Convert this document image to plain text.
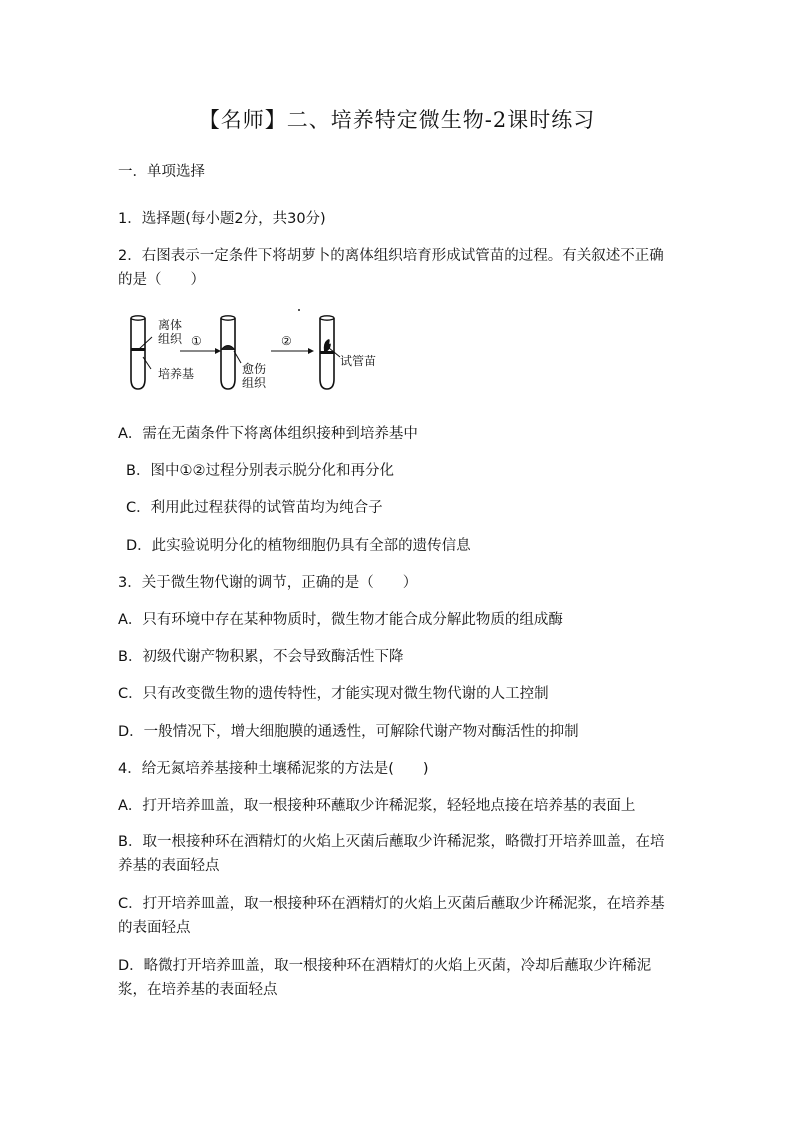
【名师】二、培养特定微生物-2课时练习
一．单项选择
1．选择题(每小题2分，共30分)
2．右图表示一定条件下将胡萝卜的离体组织培育形成试管苗的过程。有关叙述不正确
的是（　　）
离体
组织
培养基
①
愈伤
组织
②
试管苗
A．需在无菌条件下将离体组织接种到培养基中
B．图中①②过程分别表示脱分化和再分化
C．利用此过程获得的试管苗均为纯合子
D．此实验说明分化的植物细胞仍具有全部的遗传信息
3．关于微生物代谢的调节，正确的是（　　）
A．只有环境中存在某种物质时，微生物才能合成分解此物质的组成酶
B．初级代谢产物积累，不会导致酶活性下降
C．只有改变微生物的遗传特性，才能实现对微生物代谢的人工控制
D．一般情况下，增大细胞膜的通透性，可解除代谢产物对酶活性的抑制
4．给无氮培养基接种土壤稀泥浆的方法是(　　)
A．打开培养皿盖，取一根接种环蘸取少许稀泥浆，轻轻地点接在培养基的表面上
B．取一根接种环在酒精灯的火焰上灭菌后蘸取少许稀泥浆，略微打开培养皿盖，在培养基的表面轻点
C．打开培养皿盖，取一根接种环在酒精灯的火焰上灭菌后蘸取少许稀泥浆，在培养基的表面轻点
D．略微打开培养皿盖，取一根接种环在酒精灯的火焰上灭菌，冷却后蘸取少许稀泥浆，在培养基的表面轻点
